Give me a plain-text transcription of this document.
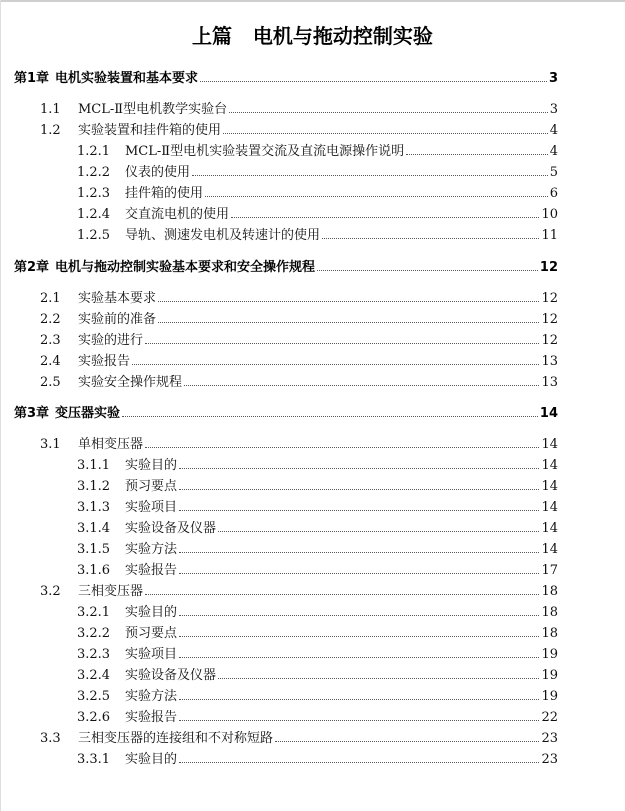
上篇   电机与拖动控制实验
第1章 电机实验装置和基本要求	3
1.1	MCL-Ⅱ型电机教学实验台	3
1.2	实验装置和挂件箱的使用	4
1.2.1	MCL-Ⅱ型电机实验装置交流及直流电源操作说明	4
1.2.2	仪表的使用	5
1.2.3	挂件箱的使用	6
1.2.4	交直流电机的使用	10
1.2.5	导轨、测速发电机及转速计的使用	11
第2章 电机与拖动控制实验基本要求和安全操作规程	12
2.1	实验基本要求	12
2.2	实验前的准备	12
2.3	实验的进行	12
2.4	实验报告	13
2.5	实验安全操作规程	13
第3章 变压器实验	14
3.1	单相变压器	14
3.1.1	实验目的	14
3.1.2	预习要点	14
3.1.3	实验项目	14
3.1.4	实验设备及仪器	14
3.1.5	实验方法	14
3.1.6	实验报告	17
3.2	三相变压器	18
3.2.1	实验目的	18
3.2.2	预习要点	18
3.2.3	实验项目	19
3.2.4	实验设备及仪器	19
3.2.5	实验方法	19
3.2.6	实验报告	22
3.3	三相变压器的连接组和不对称短路	23
3.3.1	实验目的	23
